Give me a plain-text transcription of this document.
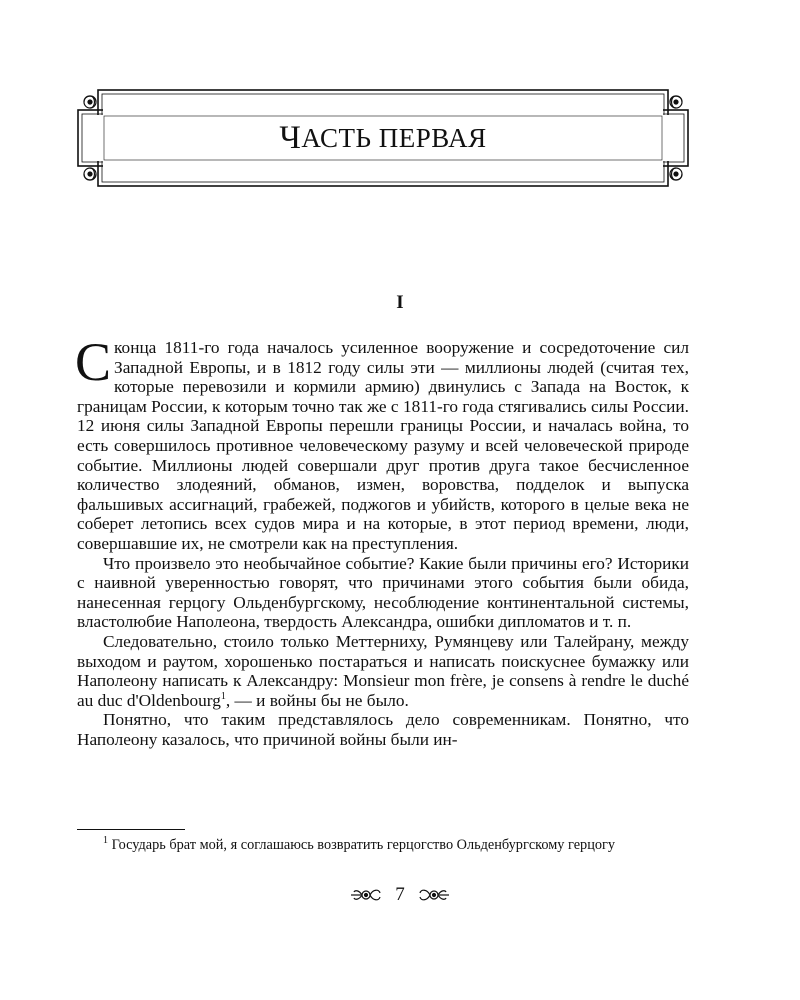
Ч АСТЬ ПЕРВАЯ
I

Сконца 1811-го года началось усиленное вооружение и сосредоточение сил Западной Европы, и в 1812 году силы эти — миллионы людей (считая тех, которые перевозили и кормили армию) двинулись с Запада на Восток, к границам России, к которым точно так же с 1811-го года стягивались силы России. 12 июня силы Западной Европы перешли границы России, и началась война, то есть совершилось противное человеческому разуму и всей человеческой природе событие. Миллионы людей совершали друг против друга такое бесчисленное количество злодеяний, обманов, измен, воровства, подделок и выпуска фальшивых ассигнаций, грабежей, поджогов и убийств, которого в целые века не соберет летопись всех судов мира и на которые, в этот период времени, люди, совершавшие их, не смотрели как на преступления.

Что произвело это необычайное событие? Какие были причины его? Историки с наивной уверенностью говорят, что причинами этого события были обида, нанесенная герцогу Ольденбургскому, несоблюдение континентальной системы, властолюбие Наполеона, твердость Александра, ошибки дипломатов и т. п.

Следовательно, стоило только Меттерниху, Румянцеву или Талейрану, между выходом и раутом, хорошенько постараться и написать поискуснее бумажку или Наполеону написать к Александру: Monsieur mon frère, je consens à rendre le duché au duc d'Oldenbourg$^1$, — и войны бы не было.

Понятно, что таким представлялось дело современникам. Понятно, что Наполеону казалось, что причиной войны были ин-

$^1$ Государь брат мой, я соглашаюсь возвратить герцогство Ольденбургскому герцогу
7
